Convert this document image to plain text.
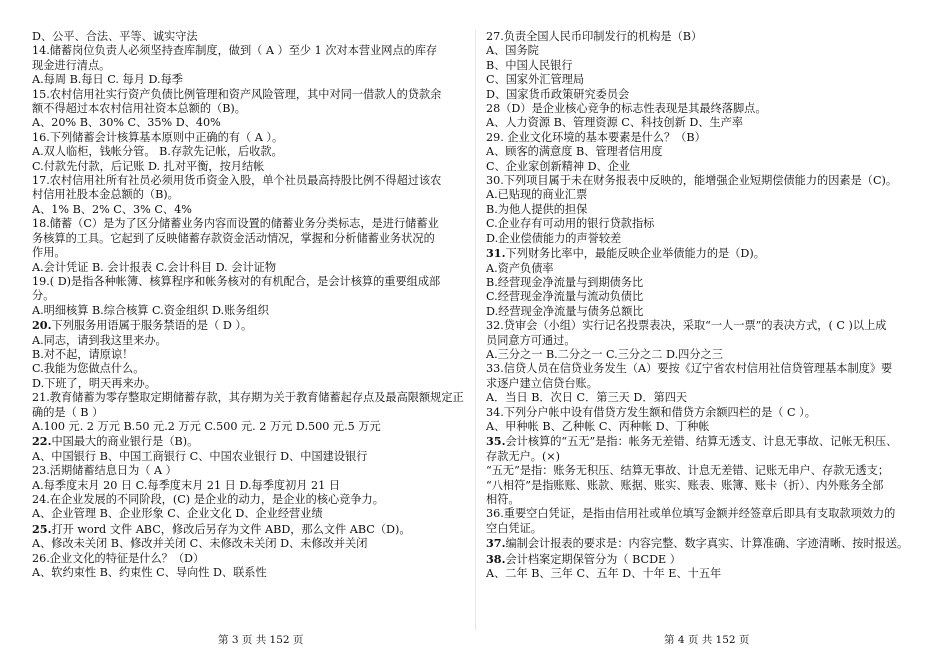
D、公平、合法、平等、诚实守法
14.储蓄岗位负责人必须坚持查库制度，做到（ A ）至少 1 次对本营业网点的库存
现金进行清点。
A.每周 B.每日 C. 每月 D.每季
15.农村信用社实行资产负债比例管理和资产风险管理，其中对同一借款人的贷款余
额不得超过本农村信用社资本总额的（B)。
A、20% B、30% C、35% D、40%
16.下列储蓄会计核算基本原则中正确的有（ A ）。
A.双人临柜，钱帐分管。 B.存款先记帐，后收款。
C.付款先付款，后记账 D. 扎对平衡，按月结帐
17.农村信用社所有社员必须用货币资金入股，单个社员最高持股比例不得超过该农
村信用社股本金总额的（B)。
A、1% B、2% C、3% C、4%
18.储蓄（C）是为了区分储蓄业务内容而设置的储蓄业务分类标志，是进行储蓄业
务核算的工具。它起到了反映储蓄存款资金活动情况，掌握和分析储蓄业务状况的
作用。
A.会计凭证 B. 会计报表 C.会计科目 D. 会计证物
19.( D)是指各种帐簿、核算程序和帐务核对的有机配合，是会计核算的重要组成部
分。
A.明细核算 B.综合核算 C.资金组织 D.账务组织
20.下列服务用语属于服务禁语的是（ D ）。
A.同志，请到我这里来办。
B.对不起，请原谅！
C.我能为您做点什么。
D.下班了，明天再来办。
21.教育储蓄为零存整取定期储蓄存款，其存期为关于教育储蓄起存点及最高限额规定正
确的是（ B ）
A.100 元. 2 万元 B.50 元.2 万元 C.500 元. 2 万元 D.500 元.5 万元
22.中国最大的商业银行是（B)。
A、中国银行 B、中国工商银行 C、中国农业银行 D、中国建设银行
23.活期储蓄结息日为（ A ）
A.每季度末月 20 日 C.每季度末月 21 日 D.每季度初月 21 日
24.在企业发展的不同阶段，(C) 是企业的动力，是企业的核心竞争力。
A、企业管理 B、企业形象 C、企业文化 D、企业经营业绩
25.打开 word 文件 ABC，修改后另存为文件 ABD，那么文件 ABC（D)。
A、修改未关闭 B、修改并关闭 C、未修改未关闭 D、未修改并关闭
26.企业文化的特征是什么？（D）
A、软约束性 B、约束性 C、导向性 D、联系性
27.负责全国人民币印制发行的机构是（B）
A、国务院
B、中国人民银行
C、国家外汇管理局
D、国家货币政策研究委员会
28（D）是企业核心竞争的标志性表现是其最终落脚点。
A、人力资源 B、管理资源 C、科技创新 D、生产率
29. 企业文化环境的基本要素是什么？（B）
A、顾客的满意度 B、管理者信用度
C、企业家创新精神 D、企业
30.下列项目属于未在财务报表中反映的，能增强企业短期偿债能力的因素是（C)。
A.已贴现的商业汇票
B.为他人提供的担保
C.企业存有可动用的银行贷款指标
D.企业偿债能力的声誉较差
31.下列财务比率中，最能反映企业举债能力的是（D)。
A.资产负债率
B.经营现金净流量与到期债务比
C.经营现金净流量与流动负债比
D.经营现金净流量与债务总额比
32.贷审会（小组）实行记名投票表决，采取“一人一票”的表决方式，( C )以上成
员同意方可通过。
A.三分之一 B.二分之一 C.三分之二 D.四分之三
33.信贷人员在信贷业务发生（A）要按《辽宁省农村信用社信贷管理基本制度》要
求逐户建立信贷台账。
A．当日 B．次日 C．第三天 D．第四天
34.下列分户帐中设有借贷方发生额和借贷方余额四栏的是（ C ）。
A、甲种帐 B、乙种帐 C、丙种帐 D、丁种帐
35.会计核算的“五无”是指：帐务无差错、结算无透支、计息无事故、记帐无积压、
存款无户。(×)
“五无”是指：账务无积压、结算无事故、计息无差错、记账无串户、存款无透支；
“八相符”是指账账、账款、账据、账实、账表、账簿、账卡（折）、内外账务全部
相符。
36.重要空白凭证，是指由信用社或单位填写金额并经签章后即具有支取款项效力的
空白凭证。
37.编制会计报表的要求是：内容完整、数字真实、计算准确、字迹清晰、按时报送。
38.会计档案定期保管分为（ BCDE ）
A、二年 B、三年 C、五年 D、十年 E、十五年
第 3 页 共 152 页	第 4 页 共 152 页
